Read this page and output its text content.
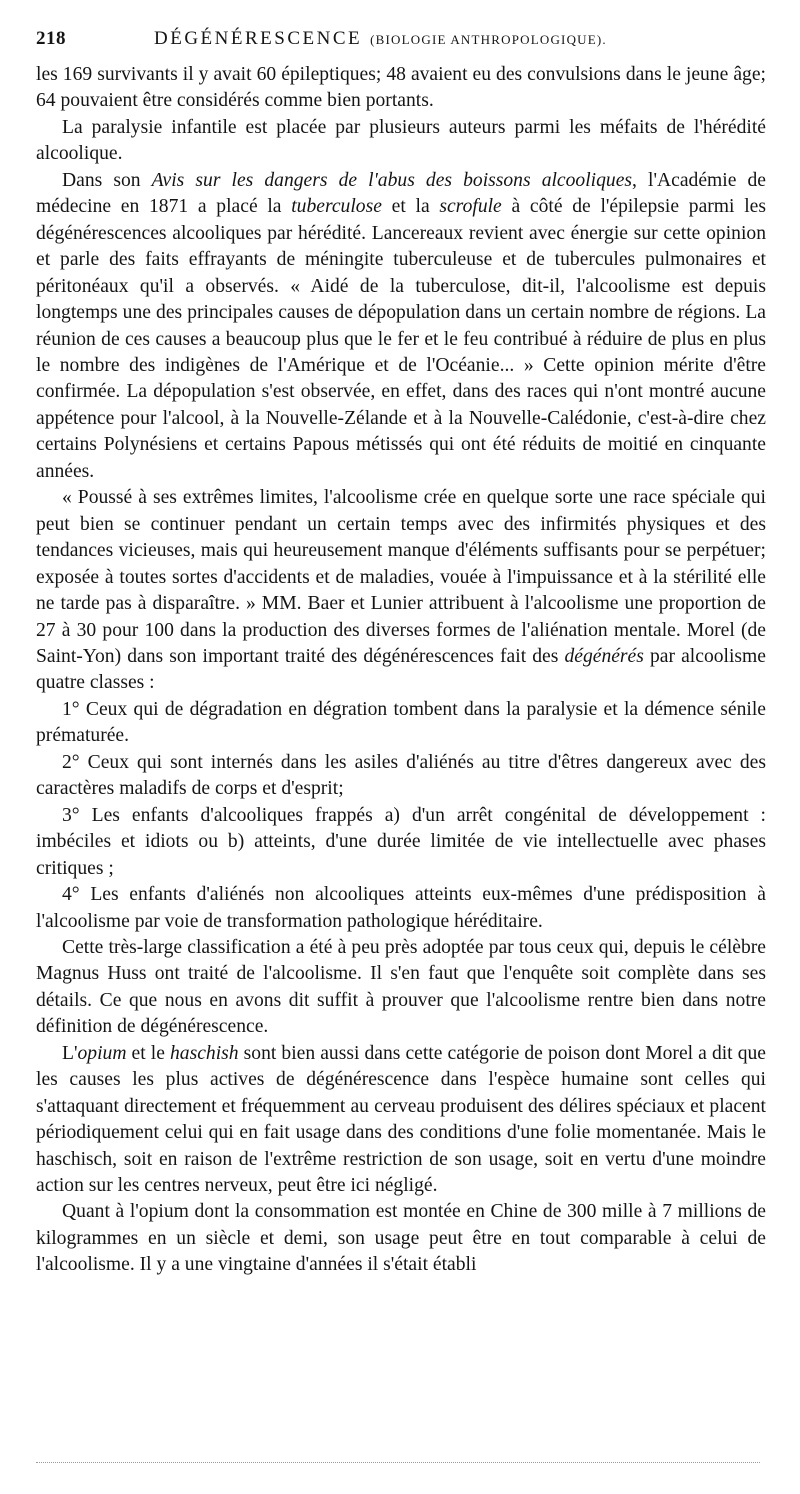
218	DÉGÉNÉRESCENCE (BIOLOGIE ANTHROPOLOGIQUE).

les 169 survivants il y avait 60 épileptiques; 48 avaient eu des convulsions dans le jeune âge; 64 pouvaient être considérés comme bien portants.

La paralysie infantile est placée par plusieurs auteurs parmi les méfaits de l'hérédité alcoolique.

Dans son Avis sur les dangers de l'abus des boissons alcooliques, l'Académie de médecine en 1871 a placé la tuberculose et la scrofule à côté de l'épilepsie parmi les dégénérescences alcooliques par hérédité. Lancereaux revient avec énergie sur cette opinion et parle des faits effrayants de méningite tuberculeuse et de tubercules pulmonaires et péritonéaux qu'il a observés. « Aidé de la tuberculose, dit-il, l'alcoolisme est depuis longtemps une des principales causes de dépopulation dans un certain nombre de régions. La réunion de ces causes a beaucoup plus que le fer et le feu contribué à réduire de plus en plus le nombre des indigènes de l'Amérique et de l'Océanie... » Cette opinion mérite d'être confirmée. La dépopulation s'est observée, en effet, dans des races qui n'ont montré aucune appétence pour l'alcool, à la Nouvelle-Zélande et à la Nouvelle-Calédonie, c'est-à-dire chez certains Polynésiens et certains Papous métissés qui ont été réduits de moitié en cinquante années.

« Poussé à ses extrêmes limites, l'alcoolisme crée en quelque sorte une race spéciale qui peut bien se continuer pendant un certain temps avec des infirmités physiques et des tendances vicieuses, mais qui heureusement manque d'éléments suffisants pour se perpétuer; exposée à toutes sortes d'accidents et de maladies, vouée à l'impuissance et à la stérilité elle ne tarde pas à disparaître. » MM. Baer et Lunier attribuent à l'alcoolisme une proportion de 27 à 30 pour 100 dans la production des diverses formes de l'aliénation mentale. Morel (de Saint-Yon) dans son important traité des dégénérescences fait des dégénérés par alcoolisme quatre classes :

1° Ceux qui de dégradation en dégration tombent dans la paralysie et la démence sénile prématurée.

2° Ceux qui sont internés dans les asiles d'aliénés au titre d'êtres dangereux avec des caractères maladifs de corps et d'esprit;

3° Les enfants d'alcooliques frappés a) d'un arrêt congénital de développement : imbéciles et idiots ou b) atteints, d'une durée limitée de vie intellectuelle avec phases critiques ;

4° Les enfants d'aliénés non alcooliques atteints eux-mêmes d'une prédisposition à l'alcoolisme par voie de transformation pathologique héréditaire.

Cette très-large classification a été à peu près adoptée par tous ceux qui, depuis le célèbre Magnus Huss ont traité de l'alcoolisme. Il s'en faut que l'enquête soit complète dans ses détails. Ce que nous en avons dit suffit à prouver que l'alcoolisme rentre bien dans notre définition de dégénérescence.

L'opium et le haschish sont bien aussi dans cette catégorie de poison dont Morel a dit que les causes les plus actives de dégénérescence dans l'espèce humaine sont celles qui s'attaquant directement et fréquemment au cerveau produisent des délires spéciaux et placent périodiquement celui qui en fait usage dans des conditions d'une folie momentanée. Mais le haschisch, soit en raison de l'extrême restriction de son usage, soit en vertu d'une moindre action sur les centres nerveux, peut être ici négligé.

Quant à l'opium dont la consommation est montée en Chine de 300 mille à 7 millions de kilogrammes en un siècle et demi, son usage peut être en tout comparable à celui de l'alcoolisme. Il y a une vingtaine d'années il s'était établi
